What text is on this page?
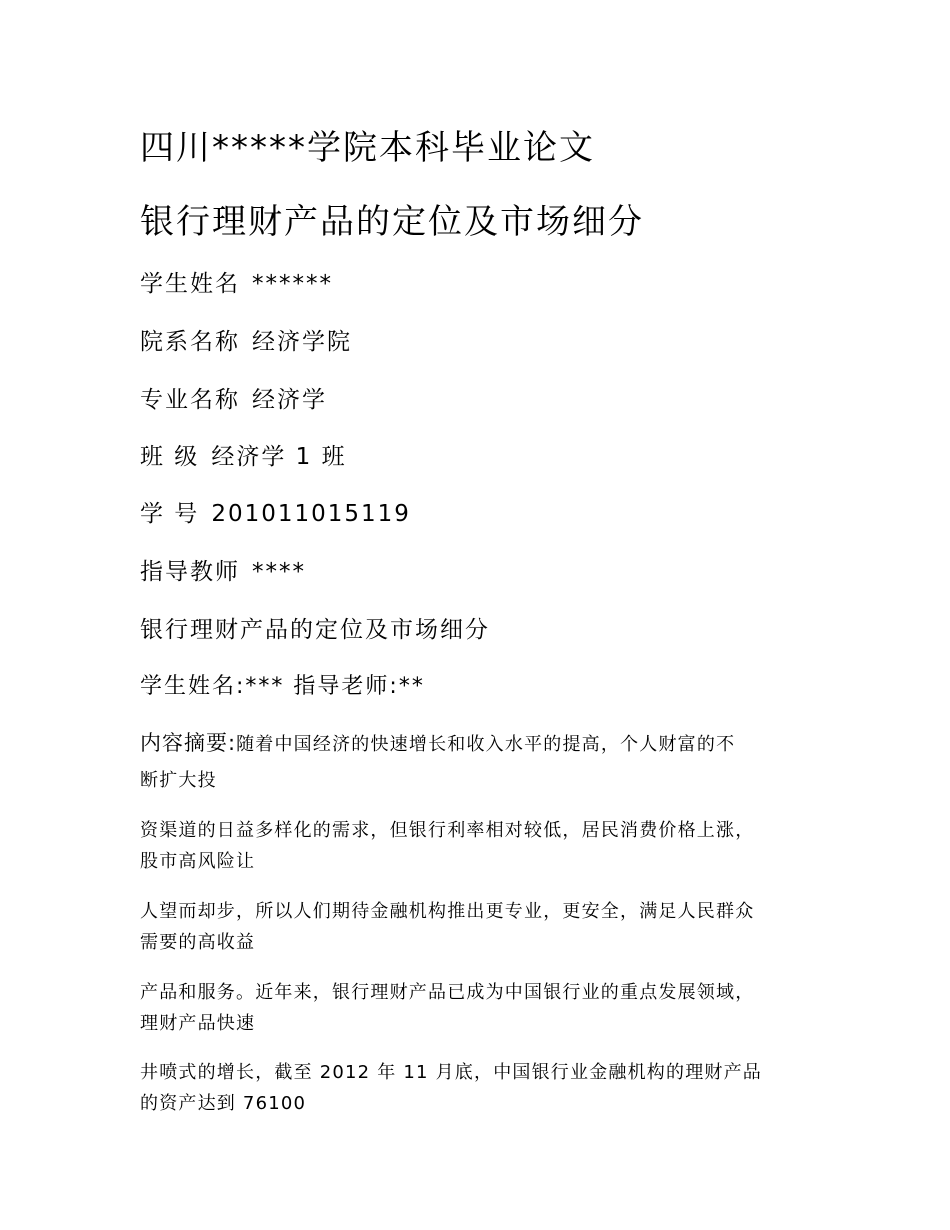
四川*****学院本科毕业论文
银行理财产品的定位及市场细分
学生姓名 ******
院系名称 经济学院
专业名称 经济学
班 级 经济学 1 班
学 号 201011015119
指导教师 ****
银行理财产品的定位及市场细分
学生姓名:*** 指导老师:**
内容摘要:随着中国经济的快速增长和收入水平的提高，个人财富的不
断扩大投
资渠道的日益多样化的需求，但银行利率相对较低，居民消费价格上涨，
股市高风险让
人望而却步，所以人们期待金融机构推出更专业，更安全，满足人民群众
需要的高收益
产品和服务。近年来，银行理财产品已成为中国银行业的重点发展领域，
理财产品快速
井喷式的增长，截至 2012 年 11 月底，中国银行业金融机构的理财产品
的资产达到 76100
